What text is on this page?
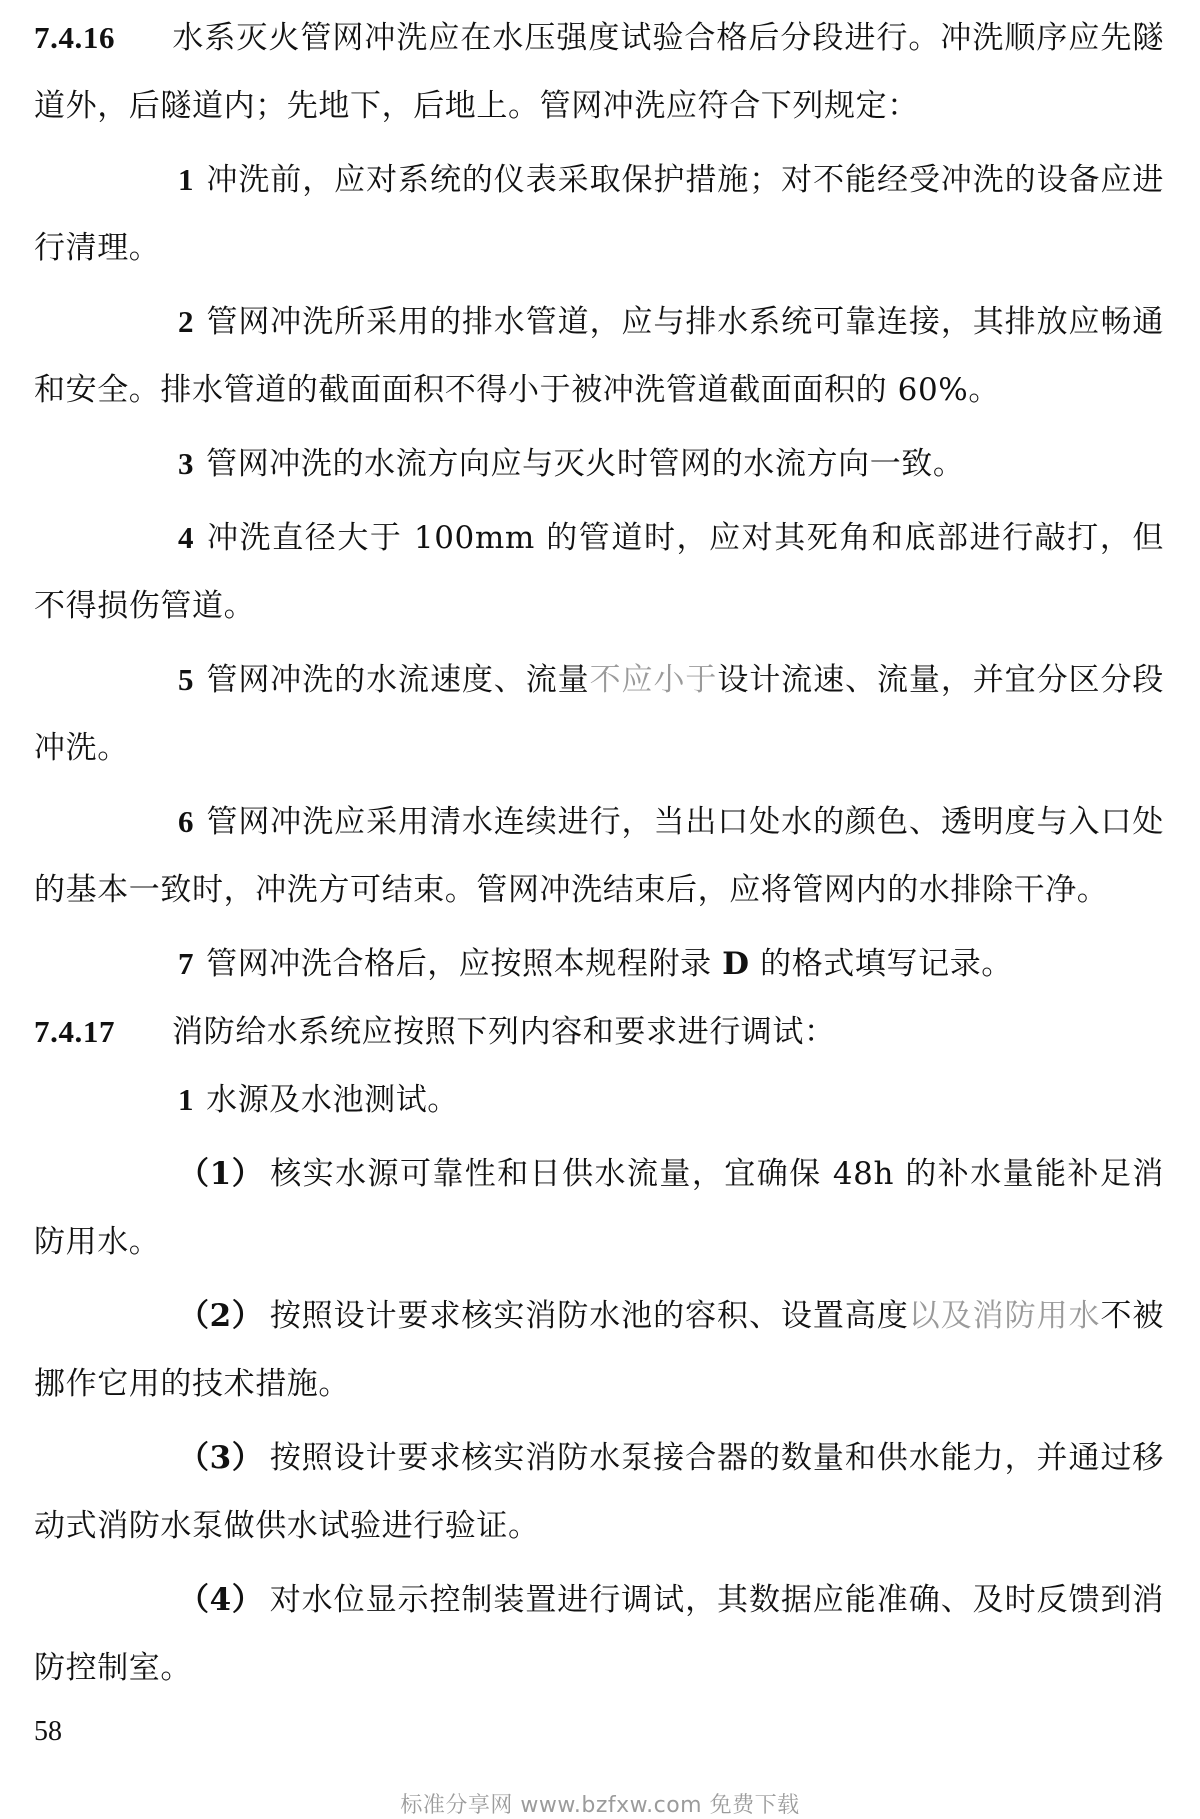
7.4.16 水系灭火管网冲洗应在水压强度试验合格后分段进行。冲洗顺序应先隧道外，后隧道内；先地下，后地上。管网冲洗应符合下列规定：

1 冲洗前，应对系统的仪表采取保护措施；对不能经受冲洗的设备应进行清理。

2 管网冲洗所采用的排水管道，应与排水系统可靠连接，其排放应畅通和安全。排水管道的截面面积不得小于被冲洗管道截面面积的 60%。

3 管网冲洗的水流方向应与灭火时管网的水流方向一致。

4 冲洗直径大于 100mm 的管道时，应对其死角和底部进行敲打，但不得损伤管道。

5 管网冲洗的水流速度、流量不应小于设计流速、流量，并宜分区分段冲洗。

6 管网冲洗应采用清水连续进行，当出口处水的颜色、透明度与入口处的基本一致时，冲洗方可结束。管网冲洗结束后，应将管网内的水排除干净。

7 管网冲洗合格后，应按照本规程附录 D 的格式填写记录。

7.4.17 消防给水系统应按照下列内容和要求进行调试：

1 水源及水池测试。

（1） 核实水源可靠性和日供水流量，宜确保 48h 的补水量能补足消防用水。

（2） 按照设计要求核实消防水池的容积、设置高度以及消防用水不被挪作它用的技术措施。

（3） 按照设计要求核实消防水泵接合器的数量和供水能力，并通过移动式消防水泵做供水试验进行验证。

（4） 对水位显示控制装置进行调试，其数据应能准确、及时反馈到消防控制室。

58
标准分享网 www.bzfxw.com 免费下载
